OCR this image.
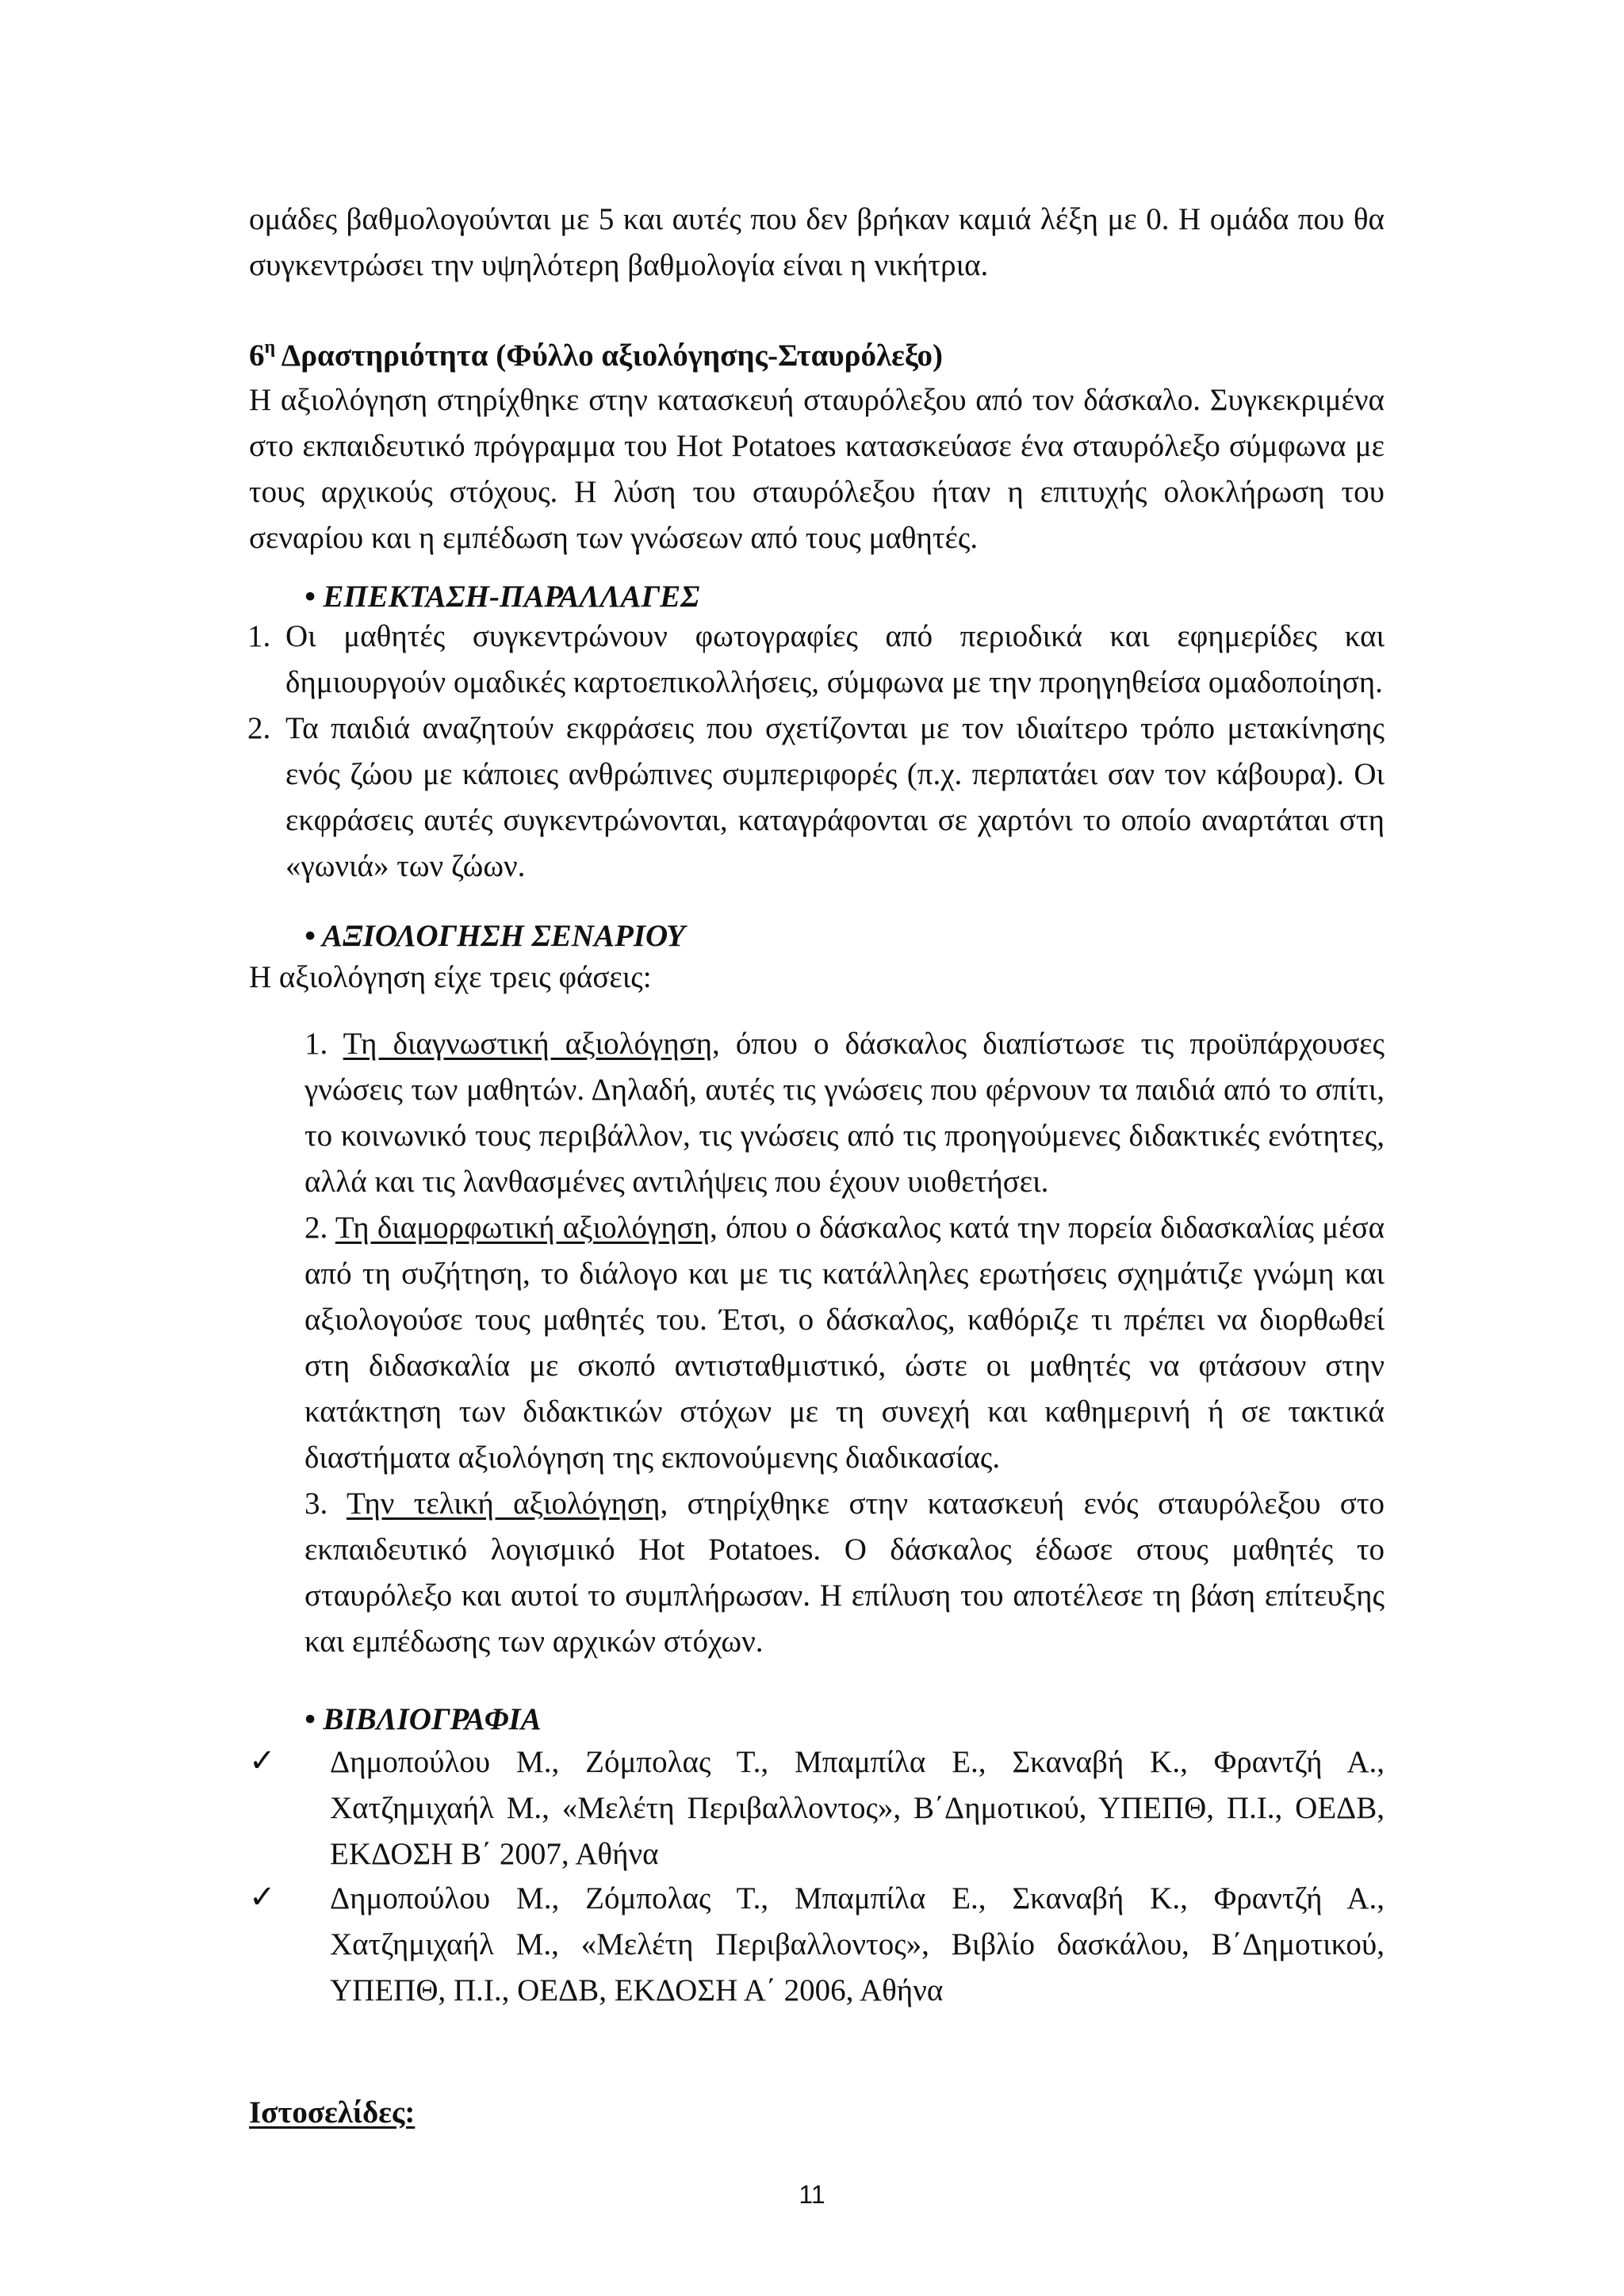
ομάδες βαθμολογούνται με 5 και αυτές που δεν βρήκαν καμιά λέξη με 0. Η ομάδα που θα συγκεντρώσει την υψηλότερη βαθμολογία είναι η νικήτρια.

$6^\eta$ Δραστηριότητα (Φύλλο αξιολόγησης-Σταυρόλεξο)

Η αξιολόγηση στηρίχθηκε στην κατασκευή σταυρόλεξου από τον δάσκαλο. Συγκεκριμένα στο εκπαιδευτικό πρόγραμμα του Hot Potatoes κατασκεύασε ένα σταυρόλεξο σύμφωνα με τους αρχικούς στόχους. Η λύση του σταυρόλεξου ήταν η επιτυχής ολοκλήρωση του σεναρίου και η εμπέδωση των γνώσεων από τους μαθητές.

• ΕΠΕΚΤΑΣΗ-ΠΑΡΑΛΛΑΓΕΣ
1. Οι μαθητές συγκεντρώνουν φωτογραφίες από περιοδικά και εφημερίδες και δημιουργούν ομαδικές καρτοεπικολλήσεις, σύμφωνα με την προηγηθείσα ομαδοποίηση.
2. Τα παιδιά αναζητούν εκφράσεις που σχετίζονται με τον ιδιαίτερο τρόπο μετακίνησης ενός ζώου με κάποιες ανθρώπινες συμπεριφορές (π.χ. περπατάει σαν τον κάβουρα). Οι εκφράσεις αυτές συγκεντρώνονται, καταγράφονται σε χαρτόνι το οποίο αναρτάται στη «γωνιά» των ζώων.
• ΑΞΙΟΛΟΓΗΣΗ ΣΕΝΑΡΙΟΥ
Η αξιολόγηση είχε τρεις φάσεις:
1. Τη διαγνωστική αξιολόγηση, όπου ο δάσκαλος διαπίστωσε τις προϋπάρχουσες γνώσεις των μαθητών. Δηλαδή, αυτές τις γνώσεις που φέρνουν τα παιδιά από το σπίτι, το κοινωνικό τους περιβάλλον, τις γνώσεις από τις προηγούμενες διδακτικές ενότητες, αλλά και τις λανθασμένες αντιλήψεις που έχουν υιοθετήσει.
2. Τη διαμορφωτική αξιολόγηση, όπου ο δάσκαλος κατά την πορεία διδασκαλίας μέσα από τη συζήτηση, το διάλογο και με τις κατάλληλες ερωτήσεις σχημάτιζε γνώμη και αξιολογούσε τους μαθητές του. Έτσι, ο δάσκαλος, καθόριζε τι πρέπει να διορθωθεί στη διδασκαλία με σκοπό αντισταθμιστικό, ώστε οι μαθητές να φτάσουν στην κατάκτηση των διδακτικών στόχων με τη συνεχή και καθημερινή ή σε τακτικά διαστήματα αξιολόγηση της εκπονούμενης διαδικασίας.
3. Την τελική αξιολόγηση, στηρίχθηκε στην κατασκευή ενός σταυρόλεξου στο εκπαιδευτικό λογισμικό Hot Potatoes. Ο δάσκαλος έδωσε στους μαθητές το σταυρόλεξο και αυτοί το συμπλήρωσαν. Η επίλυση του αποτέλεσε τη βάση επίτευξης και εμπέδωσης των αρχικών στόχων.
• ΒΙΒΛΙΟΓΡΑΦΙΑ
✓ Δημοπούλου Μ., Ζόμπολας Τ., Μπαμπίλα Ε., Σκαναβή Κ., Φραντζή Α., Χατζημιχαήλ Μ., «Μελέτη Περιβαλλοντος», Β΄Δημοτικού, ΥΠΕΠΘ, Π.Ι., ΟΕΔΒ, ΕΚΔΟΣΗ Β΄ 2007, Αθήνα
✓ Δημοπούλου Μ., Ζόμπολας Τ., Μπαμπίλα Ε., Σκαναβή Κ., Φραντζή Α., Χατζημιχαήλ Μ., «Μελέτη Περιβαλλοντος», Βιβλίο δασκάλου, Β΄Δημοτικού, ΥΠΕΠΘ, Π.Ι., ΟΕΔΒ, ΕΚΔΟΣΗ Α΄ 2006, Αθήνα
Ιστοσελίδες:
11
